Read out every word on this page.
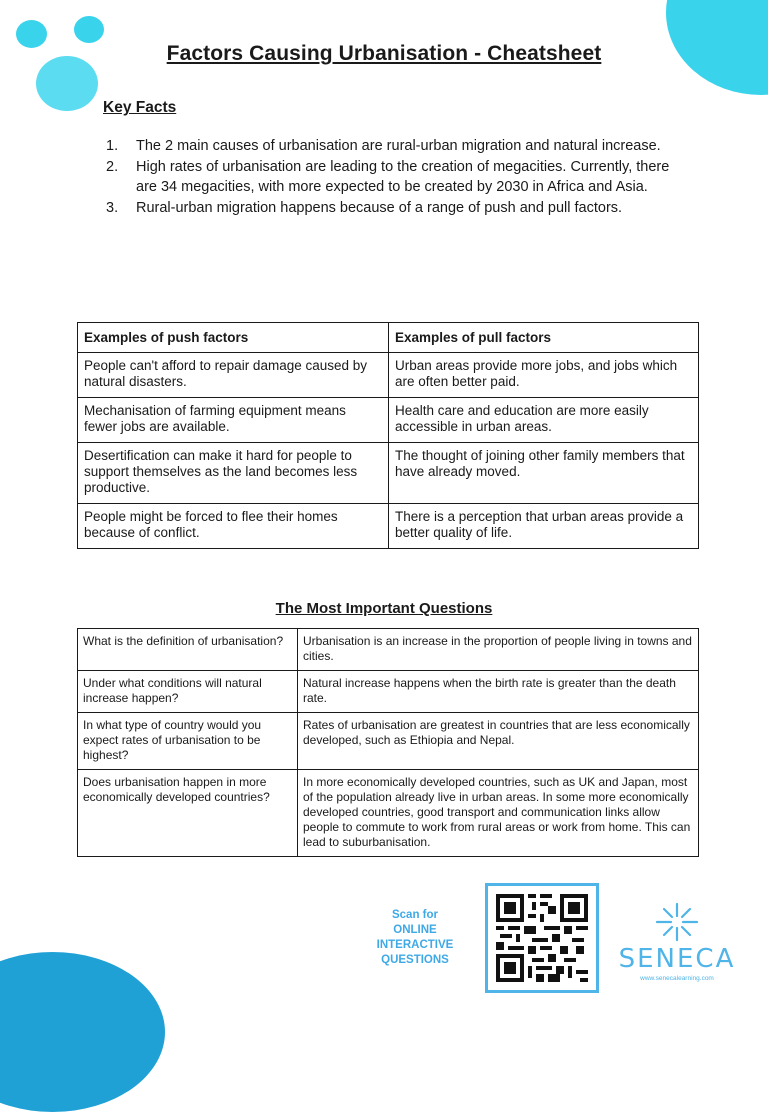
Factors Causing Urbanisation - Cheatsheet
Key Facts
1. The 2 main causes of urbanisation are rural-urban migration and natural increase.
2. High rates of urbanisation are leading to the creation of megacities. Currently, there are 34 megacities, with more expected to be created by 2030 in Africa and Asia.
3. Rural-urban migration happens because of a range of push and pull factors.
Examples of push factors	Examples of pull factors
People can't afford to repair damage caused by natural disasters.	Urban areas provide more jobs, and jobs which are often better paid.
Mechanisation of farming equipment means fewer jobs are available.	Health care and education are more easily accessible in urban areas.
Desertification can make it hard for people to support themselves as the land becomes less productive.	The thought of joining other family members that have already moved.
People might be forced to flee their homes because of conflict.	There is a perception that urban areas provide a better quality of life.
The Most Important Questions
What is the definition of urbanisation?	Urbanisation is an increase in the proportion of people living in towns and cities.
Under what conditions will natural increase happen?	Natural increase happens when the birth rate is greater than the death rate.
In what type of country would you expect rates of urbanisation to be highest?	Rates of urbanisation are greatest in countries that are less economically developed, such as Ethiopia and Nepal.
Does urbanisation happen in more economically developed countries?	In more economically developed countries, such as UK and Japan, most of the population already live in urban areas. In some more economically developed countries, good transport and communication links allow people to commute to work from rural areas or work from home. This can lead to suburbanisation.
Scan for
ONLINE
INTERACTIVE
QUESTIONS	SENECA
www.senecalearning.com
